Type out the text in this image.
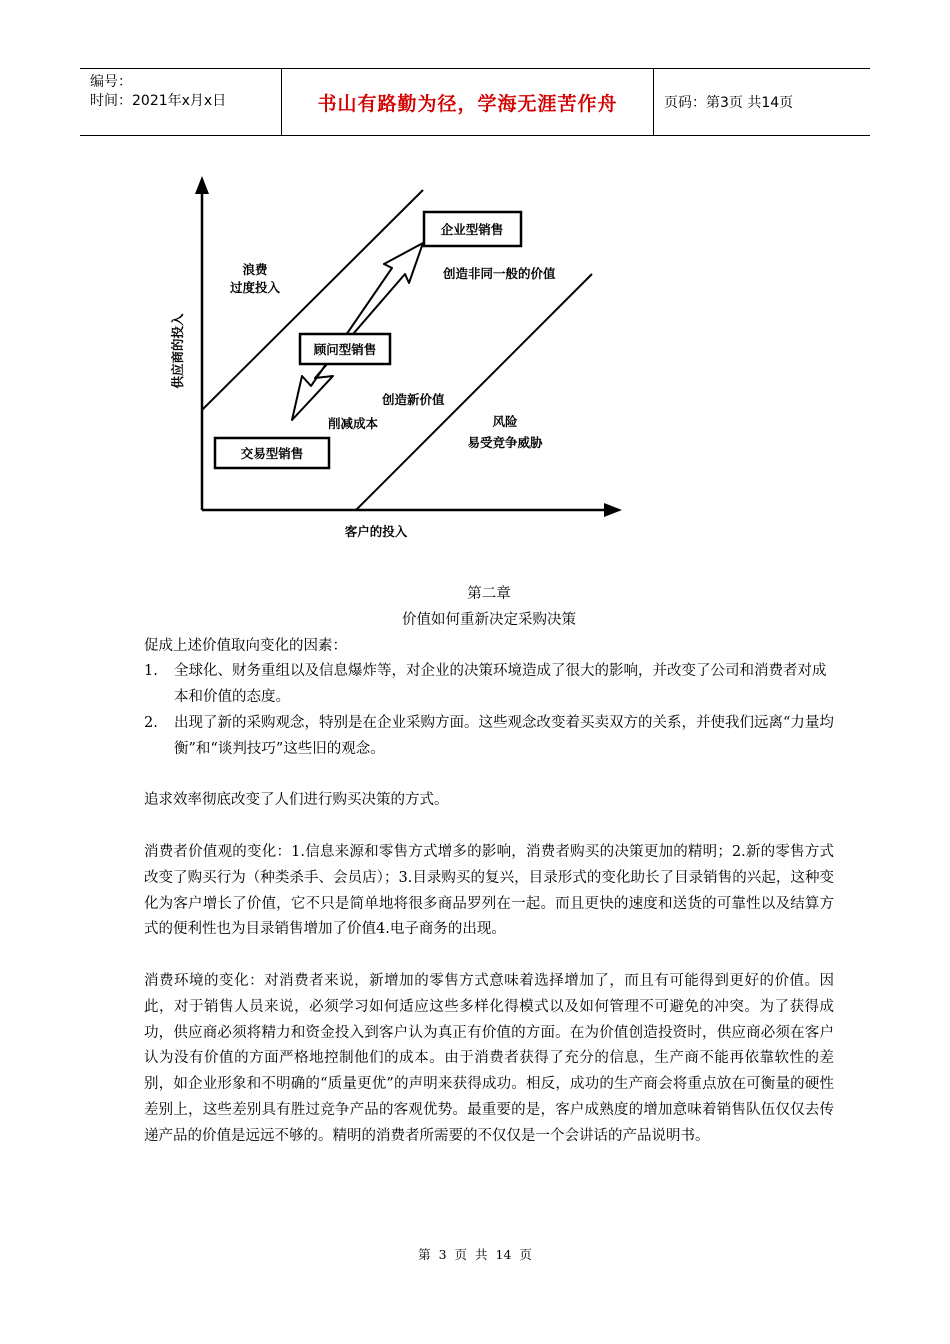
编号：
时间：2021年x月x日	书山有路勤为径，学海无涯苦作舟	页码：第3页 共14页
企业型销售
顾问型销售
交易型销售
浪费
过度投入
创造非同一般的价值
创造新价值
削减成本	风险
易受竞争威胁
供应商的投入
客户的投入
第二章
价值如何重新决定采购决策
促成上述价值取向变化的因素：
1.	全球化、财务重组以及信息爆炸等，对企业的决策环境造成了很大的影响，并改变了公司和消费者对成本和价值的态度。
2.	出现了新的采购观念，特别是在企业采购方面。这些观念改变着买卖双方的关系，并使我们远离“力量均衡”和“谈判技巧”这些旧的观念。
追求效率彻底改变了人们进行购买决策的方式。
消费者价值观的变化：1.信息来源和零售方式增多的影响，消费者购买的决策更加的精明；2.新的零售方式改变了购买行为（种类杀手、会员店）；3.目录购买的复兴，目录形式的变化助长了目录销售的兴起，这种变化为客户增长了价值，它不只是简单地将很多商品罗列在一起。而且更快的速度和送货的可靠性以及结算方式的便利性也为目录销售增加了价值4.电子商务的出现。
消费环境的变化：对消费者来说，新增加的零售方式意味着选择增加了，而且有可能得到更好的价值。因此，对于销售人员来说，必须学习如何适应这些多样化得模式以及如何管理不可避免的冲突。为了获得成功，供应商必须将精力和资金投入到客户认为真正有价值的方面。在为价值创造投资时，供应商必须在客户认为没有价值的方面严格地控制他们的成本。由于消费者获得了充分的信息，生产商不能再依靠软性的差别，如企业形象和不明确的“质量更优”的声明来获得成功。相反，成功的生产商会将重点放在可衡量的硬性差别上，这些差别具有胜过竞争产品的客观优势。最重要的是，客户成熟度的增加意味着销售队伍仅仅去传递产品的价值是远远不够的。精明的消费者所需要的不仅仅是一个会讲话的产品说明书。
第 3 页 共 14 页
